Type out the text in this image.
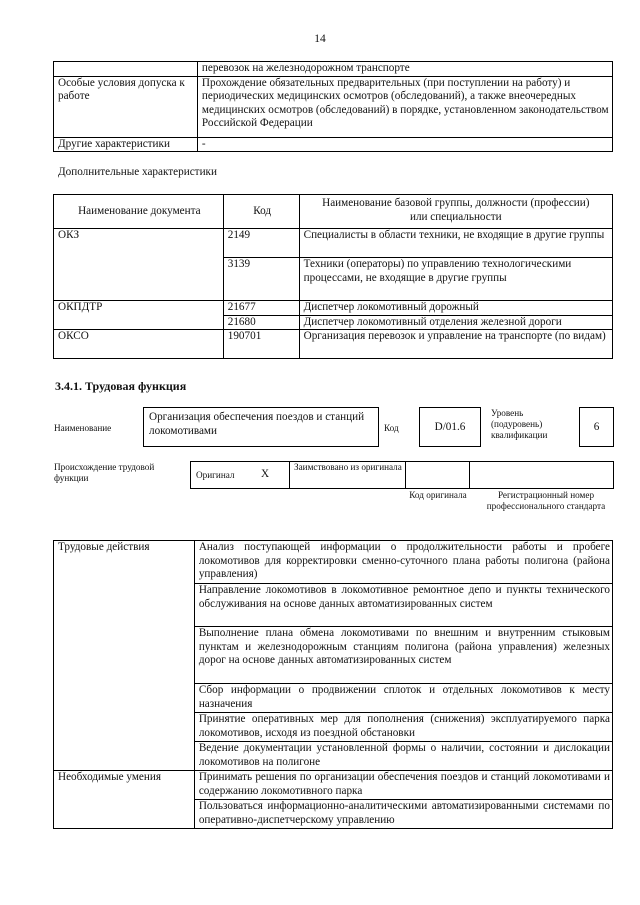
14
	перевозок на железнодорожном транспорте
Особые условия допуска к работе	Прохождение обязательных предварительных (при поступлении на работу) и периодических медицинских осмотров (обследований), а также внеочередных медицинских осмотров (обследований) в порядке, установленном законодательством Российской Федерации
Другие характеристики	-
Дополнительные характеристики
Наименование документа	Код	Наименование базовой группы, должности (профессии) или специальности
ОКЗ	2149	Специалисты в области техники, не входящие в другие группы
	3139	Техники (операторы) по управлению технологическими процессами, не входящие в другие группы
ОКПДТР	21677	Диспетчер локомотивный дорожный
	21680	Диспетчер локомотивный отделения железной дороги
ОКСО	190701	Организация перевозок и управление на транспорте (по видам)
3.4.1. Трудовая функция
Наименование
Организация обеспечения поездов и станций локомотивами	Код	D/01.6
Уровень (подуровень) квалификации
6
Происхождение трудовой функции	Оригинал X
Заимствовано из оригинала
Код оригинала	Регистрационный номер профессионального стандарта
Трудовые действия	Анализ поступающей информации о продолжительности работы и пробеге локомотивов для корректировки сменно-суточного плана работы полигона (района управления)
	Направление локомотивов в локомотивное ремонтное депо и пункты технического обслуживания на основе данных автоматизированных систем
	Выполнение плана обмена локомотивами по внешним и внутренним стыковым пунктам и железнодорожным станциям полигона (района управления) железных дорог на основе данных автоматизированных систем
	Сбор информации о продвижении сплоток и отдельных локомотивов к месту назначения
	Принятие оперативных мер для пополнения (снижения) эксплуатируемого парка локомотивов, исходя из поездной обстановки
	Ведение документации установленной формы о наличии, состоянии и дислокации локомотивов на полигоне
Необходимые умения	Принимать решения по организации обеспечения поездов и станций локомотивами и содержанию локомотивного парка
	Пользоваться информационно-аналитическими автоматизированными системами по оперативно-диспетчерскому управлению
